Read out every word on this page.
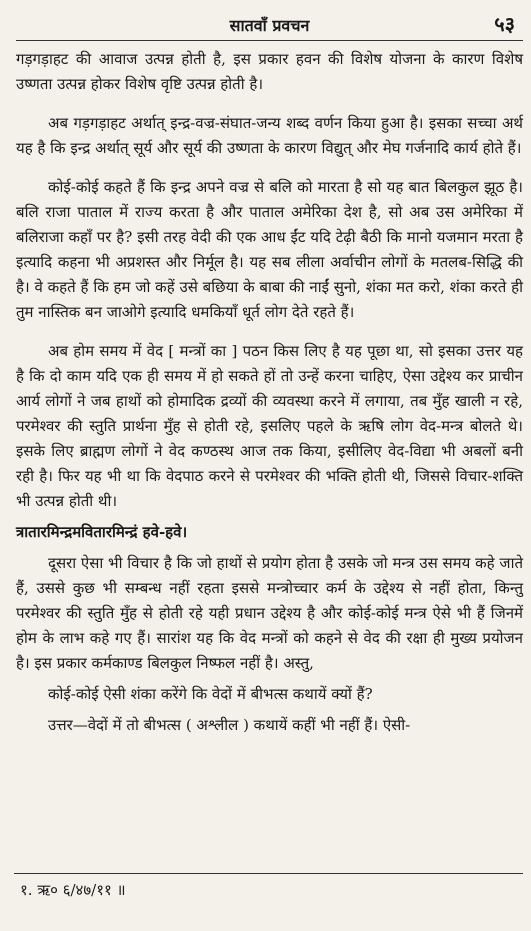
सातवाँ प्रवचन	५३

गड़गड़ाहट की आवाज उत्पन्न होती है, इस प्रकार हवन की विशेष योजना के कारण विशेष उष्णता उत्पन्न होकर विशेष वृष्टि उत्पन्न होती है।

अब गड़गड़ाहट अर्थात् इन्द्र-वज्र-संघात-जन्य शब्द वर्णन किया हुआ है। इसका सच्चा अर्थ यह है कि इन्द्र अर्थात् सूर्य और सूर्य की उष्णता के कारण विद्युत् और मेघ गर्जनादि कार्य होते हैं।

कोई-कोई कहते हैं कि इन्द्र अपने वज्र से बलि को मारता है सो यह बात बिलकुल झूठ है। बलि राजा पाताल में राज्य करता है और पाताल अमेरिका देश है, सो अब उस अमेरिका में बलिराजा कहाँ पर है? इसी तरह वेदी की एक आध ईंट यदि टेढ़ी बैठी कि मानो यजमान मरता है इत्यादि कहना भी अप्रशस्त और निर्मूल है। यह सब लीला अर्वाचीन लोगों के मतलब-सिद्धि की है। वे कहते हैं कि हम जो कहें उसे बछिया के बाबा की नाईं सुनो, शंका मत करो, शंका करते ही तुम नास्तिक बन जाओगे इत्यादि धमकियाँ धूर्त लोग देते रहते हैं।

अब होम समय में वेद [ मन्त्रों का ] पठन किस लिए है यह पूछा था, सो इसका उत्तर यह है कि दो काम यदि एक ही समय में हो सकते हों तो उन्हें करना चाहिए, ऐसा उद्देश्य कर प्राचीन आर्य लोगों ने जब हाथों को होमादिक द्रव्यों की व्यवस्था करने में लगाया, तब मुँह खाली न रहे, परमेश्वर की स्तुति प्रार्थना मुँह से होती रहे, इसलिए पहले के ऋषि लोग वेद-मन्त्र बोलते थे। इसके लिए ब्राह्मण लोगों ने वेद कण्ठस्थ आज तक किया, इसीलिए वेद-विद्या भी अबलों बनी रही है। फिर यह भी था कि वेदपाठ करने से परमेश्वर की भक्ति होती थी, जिससे विचार-शक्ति भी उत्पन्न होती थी।

त्रातारमिन्द्रमवितारमिन्द्रं हवे-हवे।

दूसरा ऐसा भी विचार है कि जो हाथों से प्रयोग होता है उसके जो मन्त्र उस समय कहे जाते हैं, उससे कुछ भी सम्बन्ध नहीं रहता इससे मन्त्रोच्चार कर्म के उद्देश्य से नहीं होता, किन्तु परमेश्वर की स्तुति मुँह से होती रहे यही प्रधान उद्देश्य है और कोई-कोई मन्त्र ऐसे भी हैं जिनमें होम के लाभ कहे गए हैं। सारांश यह कि वेद मन्त्रों को कहने से वेद की रक्षा ही मुख्य प्रयोजन है। इस प्रकार कर्मकाण्ड बिलकुल निष्फल नहीं है। अस्तु,

कोई-कोई ऐसी शंका करेंगे कि वेदों में बीभत्स कथायें क्यों हैं?

उत्तर—वेदों में तो बीभत्स ( अश्लील ) कथायें कहीं भी नहीं हैं। ऐसी-

१. ऋ० ६/४७/११ ॥
